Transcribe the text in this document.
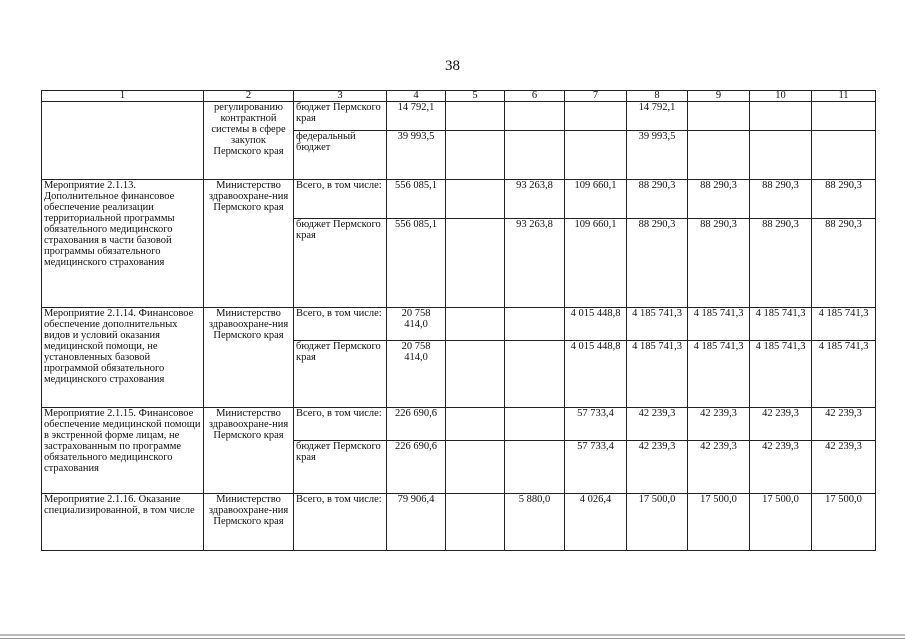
38
1	2	3	4	5	6	7	8	9	10	11
	регулированию контрактной системы в сфере закупок Пермского края	бюджет Пермского края	14 792,1				14 792,1			
		федеральный бюджет	39 993,5				39 993,5			
Мероприятие 2.1.13. Дополнительное финансовое обеспечение реализации территориальной программы обязательного медицинского страхования в части базовой программы обязательного медицинского страхования	Министерство здравоохране-ния Пермского края	Всего, в том числе:	556 085,1		93 263,8	109 660,1	88 290,3	88 290,3	88 290,3	88 290,3
		бюджет Пермского края	556 085,1		93 263,8	109 660,1	88 290,3	88 290,3	88 290,3	88 290,3
Мероприятие 2.1.14. Финансовое обеспечение дополнительных видов и условий оказания медицинской помощи, не установленных базовой программой обязательного медицинского страхования	Министерство здравоохране-ния Пермского края	Всего, в том числе:	20 758 414,0			4 015 448,8	4 185 741,3	4 185 741,3	4 185 741,3	4 185 741,3
		бюджет Пермского края	20 758 414,0			4 015 448,8	4 185 741,3	4 185 741,3	4 185 741,3	4 185 741,3
Мероприятие 2.1.15. Финансовое обеспечение медицинской помощи в экстренной форме лицам, не застрахованным по программе обязательного медицинского страхования	Министерство здравоохране-ния Пермского края	Всего, в том числе:	226 690,6			57 733,4	42 239,3	42 239,3	42 239,3	42 239,3
		бюджет Пермского края	226 690,6			57 733,4	42 239,3	42 239,3	42 239,3	42 239,3
Мероприятие 2.1.16. Оказание специализированной, в том числе	Министерство здравоохране-ния Пермского края	Всего, в том числе:	79 906,4		5 880,0	4 026,4	17 500,0	17 500,0	17 500,0	17 500,0
